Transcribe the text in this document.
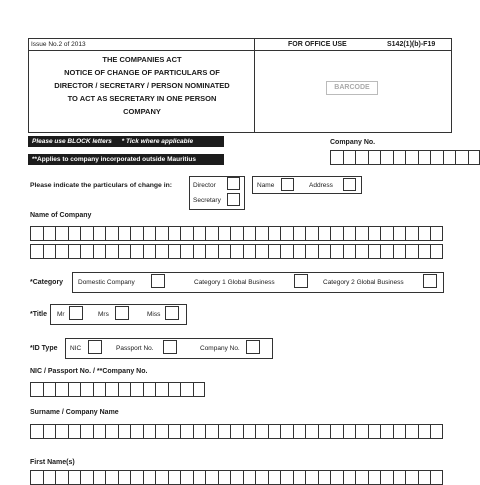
Issue No.2 of 2013	FOR OFFICE USE	S142(1)(b)-F19
THE COMPANIES ACT
NOTICE OF CHANGE OF PARTICULARS OF
DIRECTOR / SECRETARY / PERSON NOMINATED
TO ACT AS SECRETARY IN ONE PERSON
COMPANY
BARCODE
Please use BLOCK letters * Tick where applicable
**Applies to company incorporated outside Mauritius
Company No.
Please indicate the particulars of change in:	Director
Secretary
Name	Address
Name of Company
*Category Domestic Company	Category 1 Global Business	Category 2 Global Business
*Title Mr	Mrs	Miss
*ID Type NIC	Passport No.	Company No.
NIC / Passport No. / **Company No.
Surname / Company Name
First Name(s)
